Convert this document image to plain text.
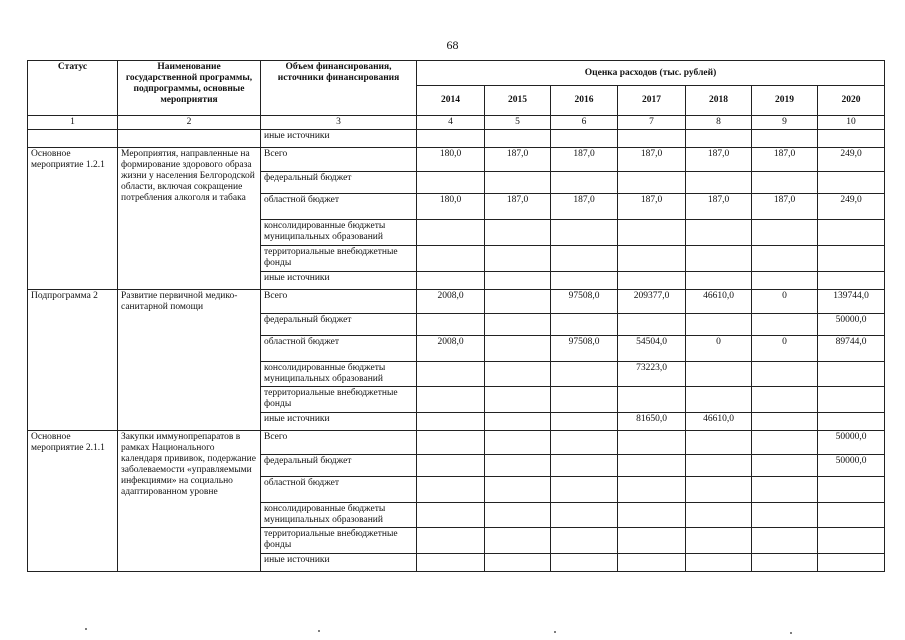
68
Статус	Наименование государственной программы, подпрограммы, основные мероприятия	Объем финансирования, источники финансирования	Оценка расходов (тыс. рублей)						
			2014	2015	2016	2017	2018	2019	2020
1	2	3	4	5	6	7	8	9	10
		иные источники							
Основное мероприятие 1.2.1	Мероприятия, направленные на формирование здорового образа жизни у населения Белгородской области, включая сокращение потребления алкоголя и табака	Всего	180,0	187,0	187,0	187,0	187,0	187,0	249,0
		федеральный бюджет							
		областной бюджет	180,0	187,0	187,0	187,0	187,0	187,0	249,0
		консолидированные бюджеты муниципальных образований							
		территориальные внебюджетные фонды							
		иные источники							
Подпрограмма 2	Развитие первичной медико-санитарной помощи	Всего	2008,0		97508,0	209377,0	46610,0	0	139744,0
		федеральный бюджет							50000,0
		областной бюджет	2008,0		97508,0	54504,0	0	0	89744,0
		консолидированные бюджеты муниципальных образований				73223,0			
		территориальные внебюджетные фонды							
		иные источники				81650,0	46610,0		
Основное мероприятие 2.1.1	Закупки иммунопрепаратов в рамках Национального календаря прививок, подержание заболеваемости «управляемыми инфекциями» на социально адаптированном уровне	Всего							50000,0
		федеральный бюджет							50000,0
		областной бюджет							
		консолидированные бюджеты муниципальных образований							
		территориальные внебюджетные фонды							
		иные источники							
